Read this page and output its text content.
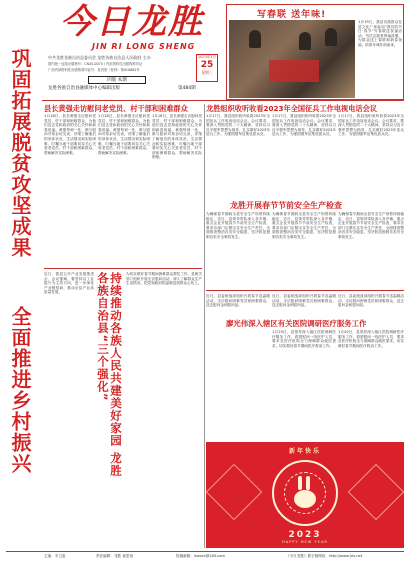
今日龙胜
JIN RI LONG SHENG
中共龙胜各族自治县委员会 龙胜各族自治县人民政府 主办
国内统一连续出版物号：CN45-0075 / 内部资料性出版物准印证
广西内部资料性出版物准印证号：桂内资（桂林）第010682号
四版 本期
龙胜各族自治县融媒体中心编辑出版	第484期
2023年1月
25
星期三
写春联 送年味!
1月19日，我县各族群众在县文化广场参加"我们的节日·春节"写春联送祝福活动，书法志愿者挥毫泼墨，为群众送上春联和新春祝福，浓浓年味扑面而来。
巩固拓展脱贫攻坚成果
全面推进乡村振兴
县长黄强走访慰问老党员、村干部和困难群众	龙胜组织收听收看2023年全国征兵工作电视电话会议
1月18日，县长黄强走访慰问老党员、村干部和困难群众，为他们送去党和政府的关心关怀和新春祝福。黄强每到一处，都与慰问对象亲切交谈，详细了解他们的身体状况、生活情况和实际困难，叮嘱当地干部要切实关心关爱老党员、村干部和困难群众，帮助解决实际困难。
1月18日，县长黄强走访慰问老党员、村干部和困难群众，为他们送去党和政府的关心关怀和新春祝福。黄强每到一处，都与慰问对象亲切交谈，详细了解他们的身体状况、生活情况和实际困难，叮嘱当地干部要切实关心关爱老党员、村干部和困难群众，帮助解决实际困难。
1月18日，县长黄强走访慰问老党员、村干部和困难群众，为他们送去党和政府的关心关怀和新春祝福。黄强每到一处，都与慰问对象亲切交谈，详细了解他们的身体状况、生活情况和实际困难，叮嘱当地干部要切实关心关爱老党员、村干部和困难群众，帮助解决实际困难。
1月17日，我县组织收听收看2023年全国征兵工作电视电话会议。会议要求，要深入贯彻党的二十大精神，坚持以习近平强军思想为指导，扎实做好2023年征兵工作，为强国强军征集优质兵员。
1月17日，我县组织收听收看2023年全国征兵工作电视电话会议。会议要求，要深入贯彻党的二十大精神，坚持以习近平强军思想为指导，扎实做好2023年征兵工作，为强国强军征集优质兵员。
1月17日，我县组织收听收看2023年全国征兵工作电视电话会议。会议要求，要深入贯彻党的二十大精神，坚持以习近平强军思想为指导，扎实做好2023年征兵工作，为强国强军征集优质兵员。
龙胜开展春节节前安全生产检查
为确保春节期间全县安全生产形势持续稳定，近日，县领导带队深入各乡镇、重点企业开展春节节前安全生产检查，要求各部门压紧压实安全生产责任，全面排查整治各类安全隐患，坚决防范遏制各类安全事故发生。
为确保春节期间全县安全生产形势持续稳定，近日，县领导带队深入各乡镇、重点企业开展春节节前安全生产检查，要求各部门压紧压实安全生产责任，全面排查整治各类安全隐患，坚决防范遏制各类安全事故发生。
为确保春节期间全县安全生产形势持续稳定，近日，县领导带队深入各乡镇、重点企业开展春节节前安全生产检查，要求各部门压紧压实安全生产责任，全面排查整治各类安全隐患，坚决防范遏制各类安全事故发生。
近日，我县召开产业发展推进会，会议强调，要坚持以工业振兴为主攻方向，进一步深化产业链招商，推动全县产业高质量发展。	持续推动各族人民共建美好家园 龙胜各族自治县“三个强化”	为切实做好春节期间困难群众帮扶工作，县相关部门组织开展走访慰问活动，深入了解群众生产生活情况，把党和政府的温暖送到群众心坎上。
近日，县委统战部组织开展春节送温暖活动，走访慰问困难党员和困难群众，送去慰问金和慰问品。
近日，县委统战部组织开展春节送温暖活动，走访慰问困难党员和困难群众，送去慰问金和慰问品。
近日，县委统战部组织开展春节送温暖活动，走访慰问困难党员和困难群众，送去慰问金和慰问品。
廖光伟深入辖区有关医院调研医疗服务工作
1月20日，县领导深入辖区医院调研医疗服务工作，看望慰问一线医护人员，要求各医疗机构全力保障群众就医需求，切实做好春节期间医疗救治工作。
1月20日，县领导深入辖区医院调研医疗服务工作，看望慰问一线医护人员，要求各医疗机构全力保障群众就医需求，切实做好春节期间医疗救治工作。
新年快乐
2023
HAPPY NEW YEAR
主编：辛卫雷	责任编辑：龙胜 莫思治	投稿邮箱：lswxcs@163.com	《今日龙胜》数字版网址：http://www.jrls.net
